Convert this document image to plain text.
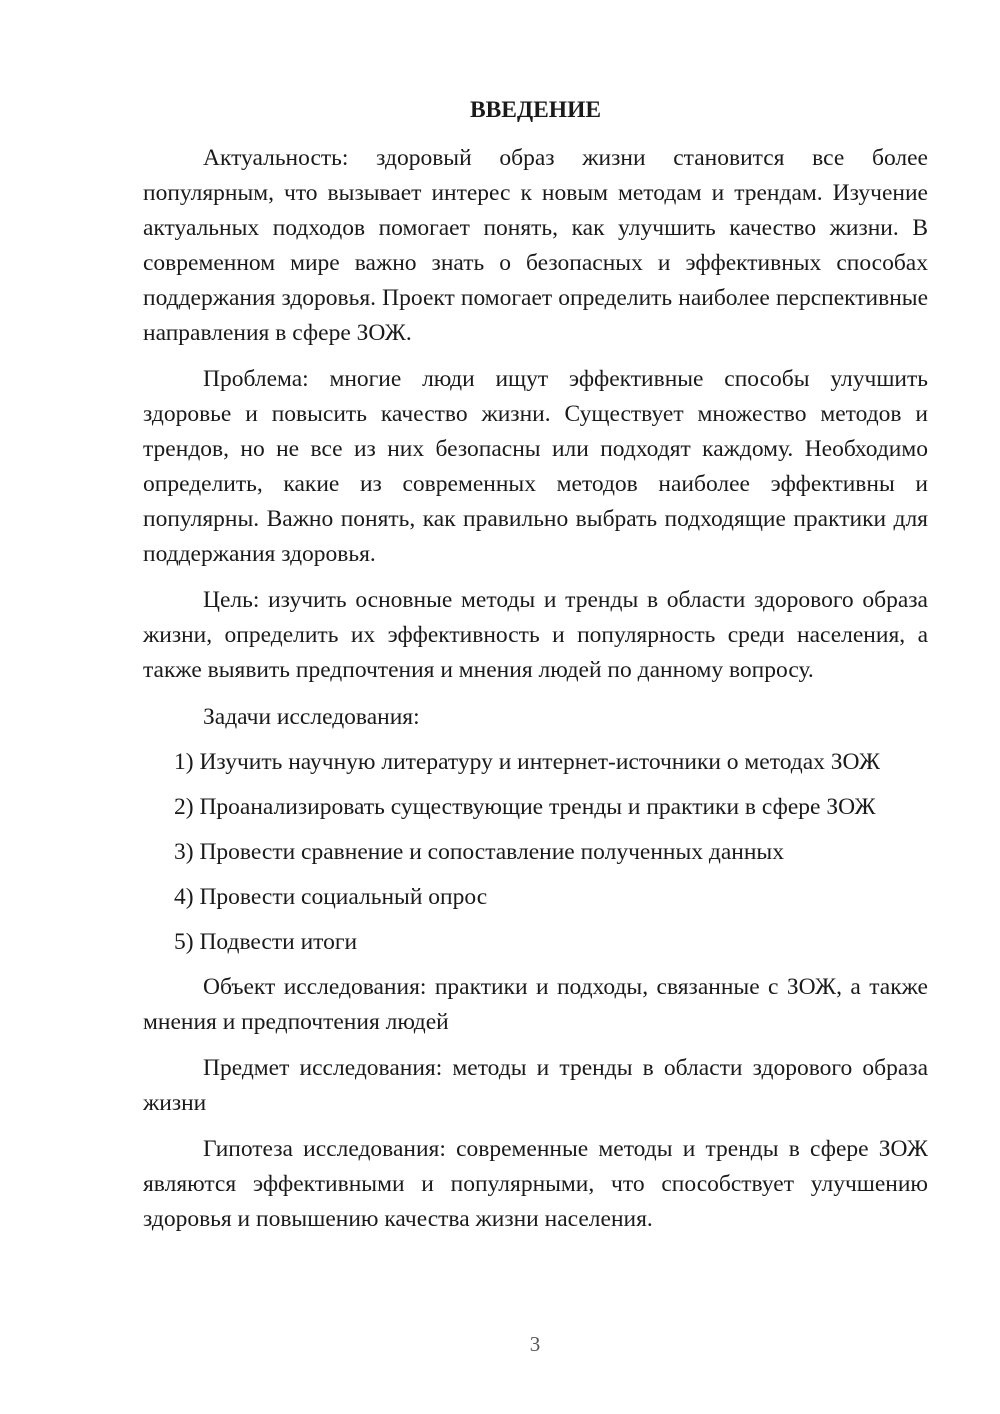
ВВЕДЕНИЕ

Актуальность: здоровый образ жизни становится все более популярным, что вызывает интерес к новым методам и трендам. Изучение актуальных подходов помогает понять, как улучшить качество жизни. В современном мире важно знать о безопасных и эффективных способах поддержания здоровья. Проект помогает определить наиболее перспективные направления в сфере ЗОЖ.

Проблема: многие люди ищут эффективные способы улучшить здоровье и повысить качество жизни. Существует множество методов и трендов, но не все из них безопасны или подходят каждому. Необходимо определить, какие из современных методов наиболее эффективны и популярны. Важно понять, как правильно выбрать подходящие практики для поддержания здоровья.

Цель: изучить основные методы и тренды в области здорового образа жизни, определить их эффективность и популярность среди населения, а также выявить предпочтения и мнения людей по данному вопросу.

Задачи исследования:
1) Изучить научную литературу и интернет-источники о методах ЗОЖ
2) Проанализировать существующие тренды и практики в сфере ЗОЖ
3) Провести сравнение и сопоставление полученных данных
4) Провести социальный опрос
5) Подвести итоги

Объект исследования: практики и подходы, связанные с ЗОЖ, а также мнения и предпочтения людей

Предмет исследования: методы и тренды в области здорового образа жизни

Гипотеза исследования: современные методы и тренды в сфере ЗОЖ являются эффективными и популярными, что способствует улучшению здоровья и повышению качества жизни населения.

3
